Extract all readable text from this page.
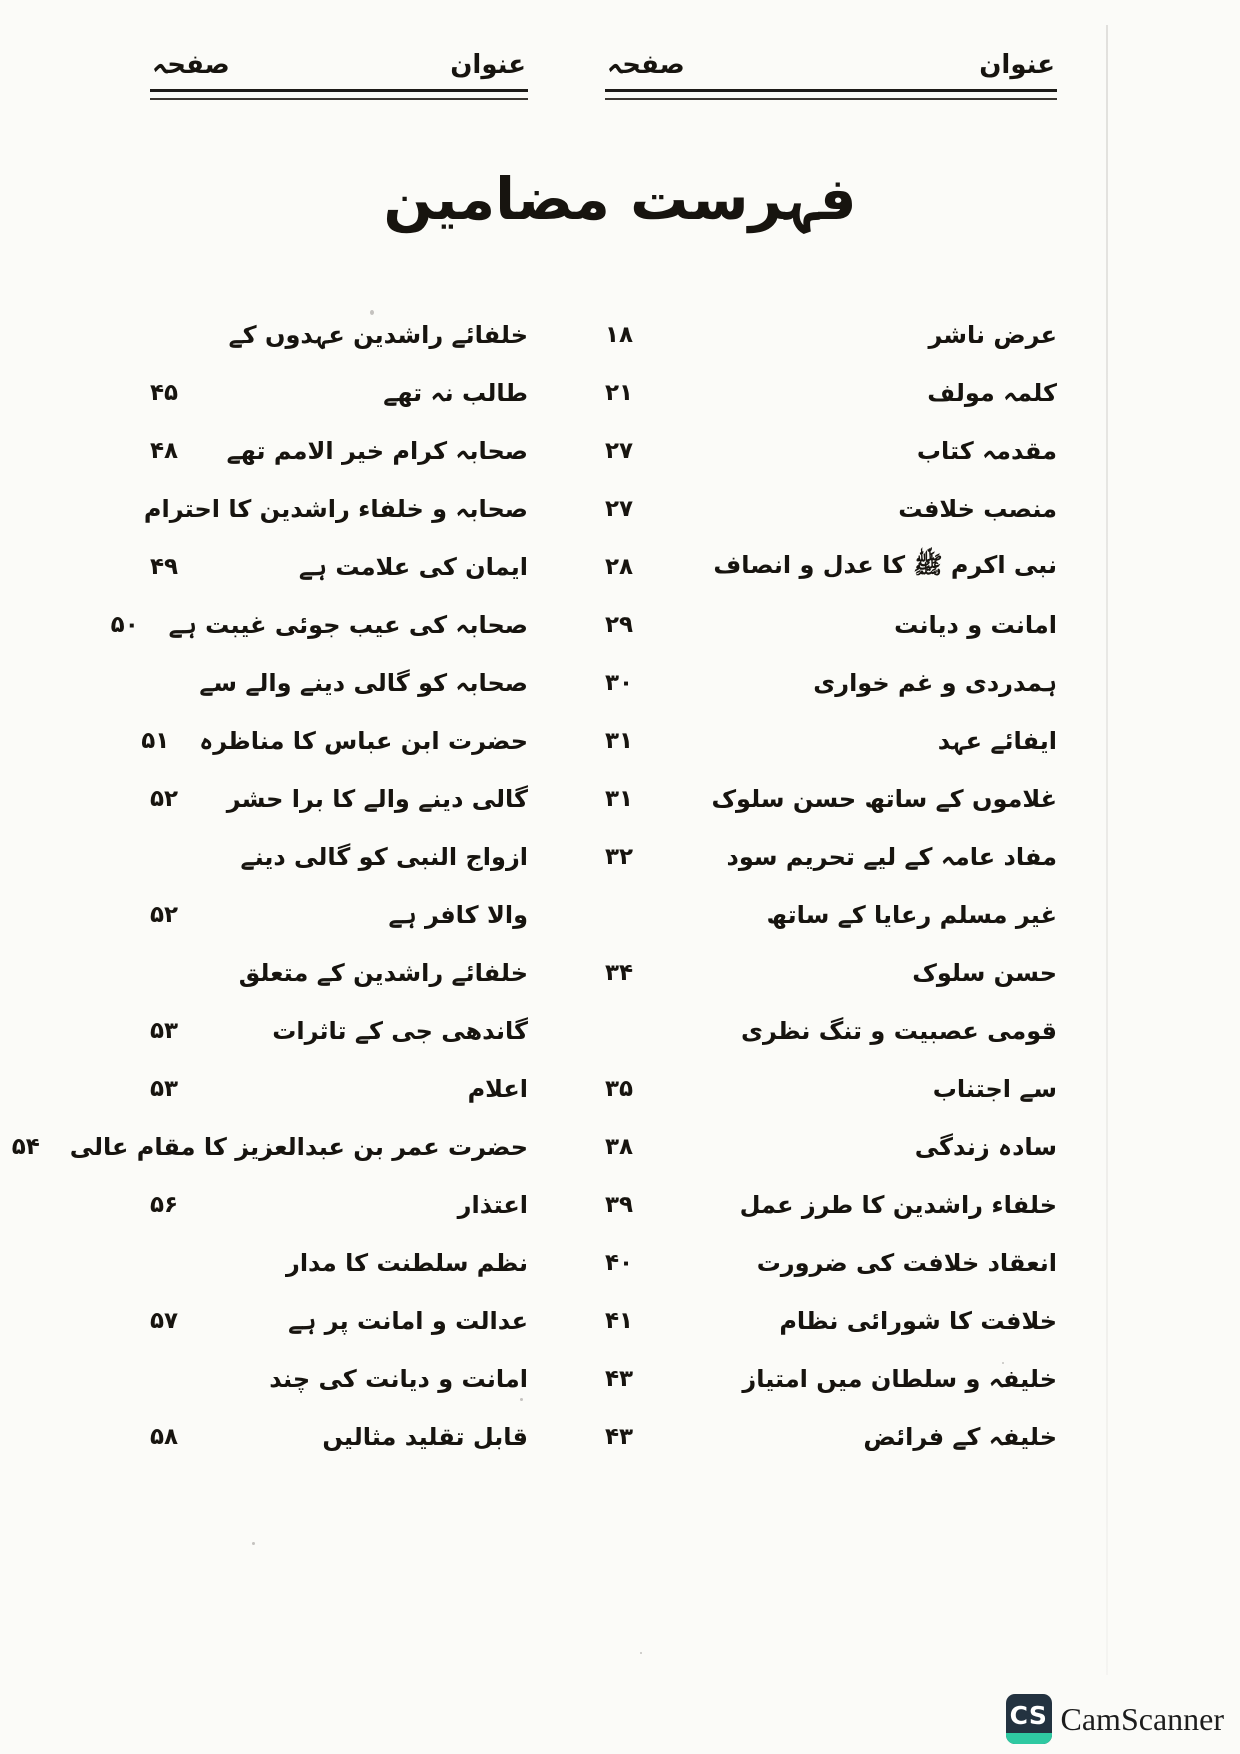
عنوان
صفحہ
عنوان
صفحہ
فہرست مضامین
عرض ناشر
۱۸
کلمہ مولف
۲۱
مقدمہ کتاب
۲۷
منصب خلافت
۲۷
نبی اکرم ﷺ کا عدل و انصاف
۲۸
امانت و دیانت
۲۹
ہمدردی و غم خواری
۳۰
ایفائے عہد
۳۱
غلاموں کے ساتھ حسن سلوک
۳۱
مفاد عامہ کے لیے تحریم سود
۳۲
غیر مسلم رعایا کے ساتھ
حسن سلوک
۳۴
قومی عصبیت و تنگ نظری
سے اجتناب
۳۵
سادہ زندگی
۳۸
خلفاء راشدین کا طرز عمل
۳۹
انعقاد خلافت کی ضرورت
۴۰
خلافت کا شورائی نظام
۴۱
خلیفہ و سلطان میں امتیاز
۴۳
خلیفہ کے فرائض
۴۳
خلفائے راشدین عہدوں کے
طالب نہ تھے
۴۵
صحابہ کرام خیر الامم تھے
۴۸
صحابہ و خلفاء راشدین کا احترام
ایمان کی علامت ہے
۴۹
صحابہ کی عیب جوئی غیبت ہے
۵۰
صحابہ کو گالی دینے والے سے
حضرت ابن عباس کا مناظرہ
۵۱
گالی دینے والے کا برا حشر
۵۲
ازواج النبی کو گالی دینے
والا کافر ہے
۵۲
خلفائے راشدین کے متعلق
گاندھی جی کے تاثرات
۵۳
اعلام
۵۳
حضرت عمر بن عبدالعزیز کا مقام عالی
۵۴
اعتذار
۵۶
نظم سلطنت کا مدار
عدالت و امانت پر ہے
۵۷
امانت و دیانت کی چند
قابل تقلید مثالیں
۵۸
CS CamScanner
